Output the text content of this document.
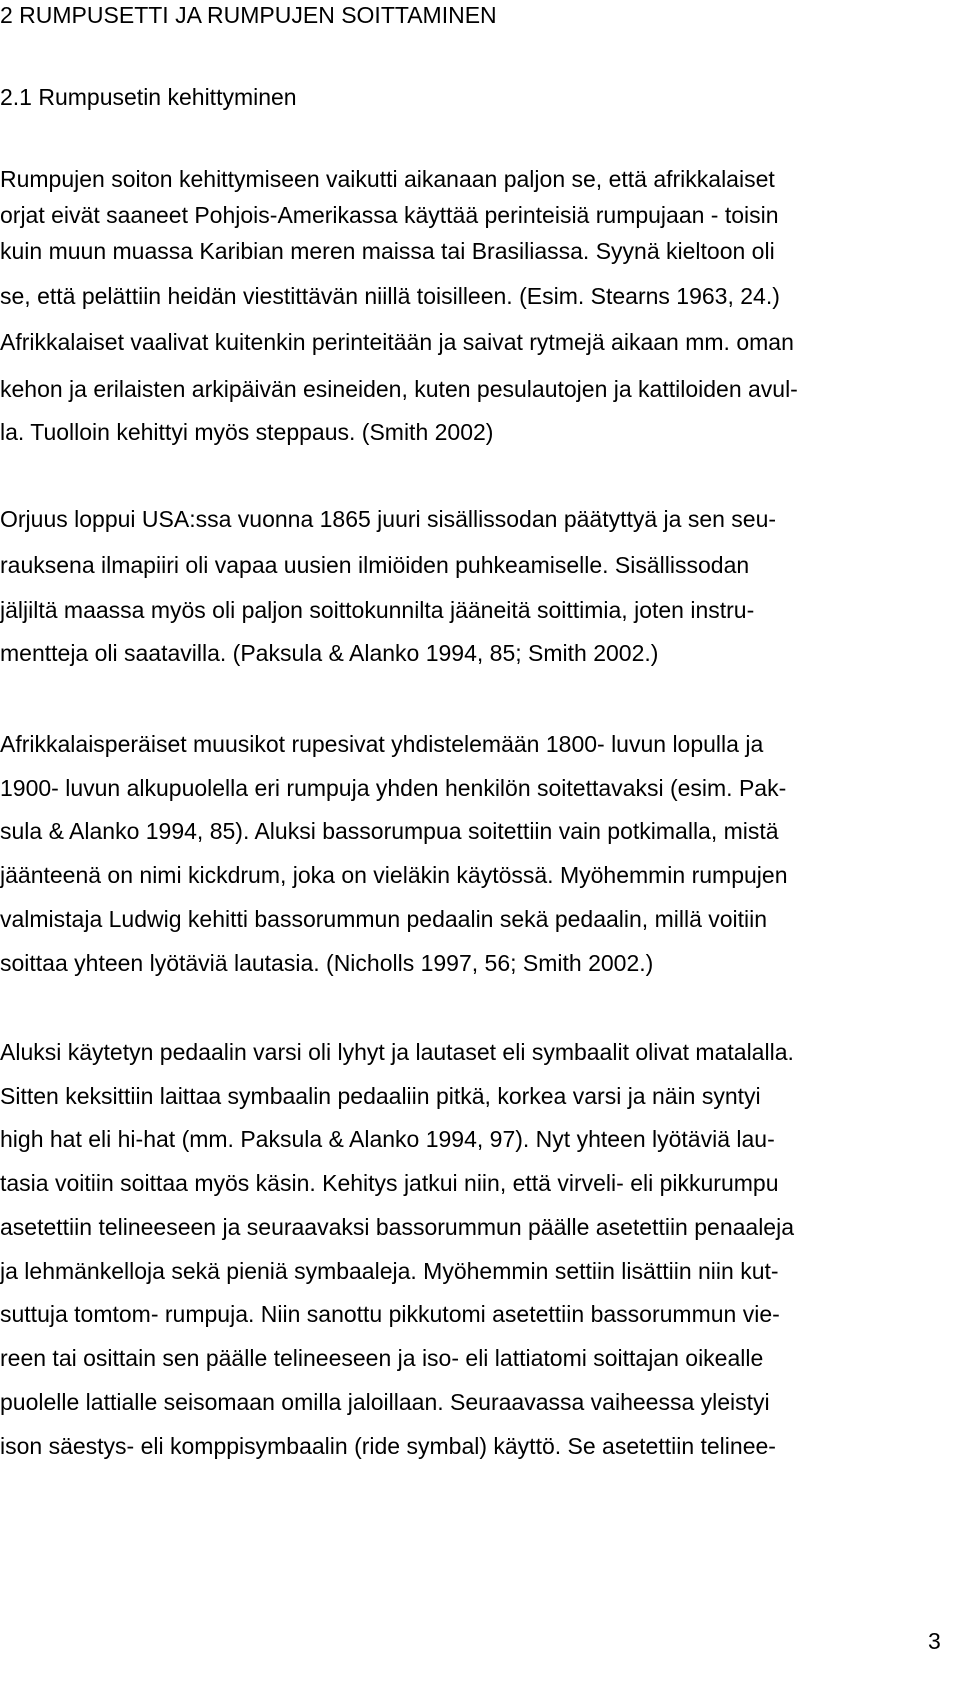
2 RUMPUSETTI JA RUMPUJEN SOITTAMINEN
2.1 Rumpusetin kehittyminen
Rumpujen soiton kehittymiseen vaikutti aikanaan paljon se, että afrikkalaiset
orjat eivät saaneet Pohjois-Amerikassa käyttää perinteisiä rumpujaan - toisin
kuin muun muassa Karibian meren maissa tai Brasiliassa. Syynä kieltoon oli
se, että pelättiin heidän viestittävän niillä toisilleen. (Esim. Stearns 1963, 24.)
Afrikkalaiset vaalivat kuitenkin perinteitään ja saivat rytmejä aikaan mm. oman
kehon ja erilaisten arkipäivän esineiden, kuten pesulautojen ja kattiloiden avul-
la. Tuolloin kehittyi myös steppaus. (Smith 2002)
Orjuus loppui USA:ssa vuonna 1865 juuri sisällissodan päätyttyä ja sen seu-
rauksena ilmapiiri oli vapaa uusien ilmiöiden puhkeamiselle. Sisällissodan
jäljiltä maassa myös oli paljon soittokunnilta jääneitä soittimia, joten instru-
mentteja oli saatavilla. (Paksula & Alanko 1994, 85; Smith 2002.)
Afrikkalaisperäiset muusikot rupesivat yhdistelemään 1800- luvun lopulla ja
1900- luvun alkupuolella eri rumpuja yhden henkilön soitettavaksi (esim. Pak-
sula & Alanko 1994, 85). Aluksi bassorumpua soitettiin vain potkimalla, mistä
jäänteenä on nimi kickdrum, joka on vieläkin käytössä. Myöhemmin rumpujen
valmistaja Ludwig kehitti bassorummun pedaalin sekä pedaalin, millä voitiin
soittaa yhteen lyötäviä lautasia. (Nicholls 1997, 56; Smith 2002.)
Aluksi käytetyn pedaalin varsi oli lyhyt ja lautaset eli symbaalit olivat matalalla.
Sitten keksittiin laittaa symbaalin pedaaliin pitkä, korkea varsi ja näin syntyi
high hat eli hi-hat (mm. Paksula & Alanko 1994, 97). Nyt yhteen lyötäviä lau-
tasia voitiin soittaa myös käsin. Kehitys jatkui niin, että virveli- eli pikkurumpu
asetettiin telineeseen ja seuraavaksi bassorummun päälle asetettiin penaaleja
ja lehmänkelloja sekä pieniä symbaaleja. Myöhemmin settiin lisättiin niin kut-
suttuja tomtom- rumpuja. Niin sanottu pikkutomi asetettiin bassorummun vie-
reen tai osittain sen päälle telineeseen ja iso- eli lattiatomi soittajan oikealle
puolelle lattialle seisomaan omilla jaloillaan. Seuraavassa vaiheessa yleistyi
ison säestys- eli komppisymbaalin (ride symbal) käyttö. Se asetettiin telinee-
3
